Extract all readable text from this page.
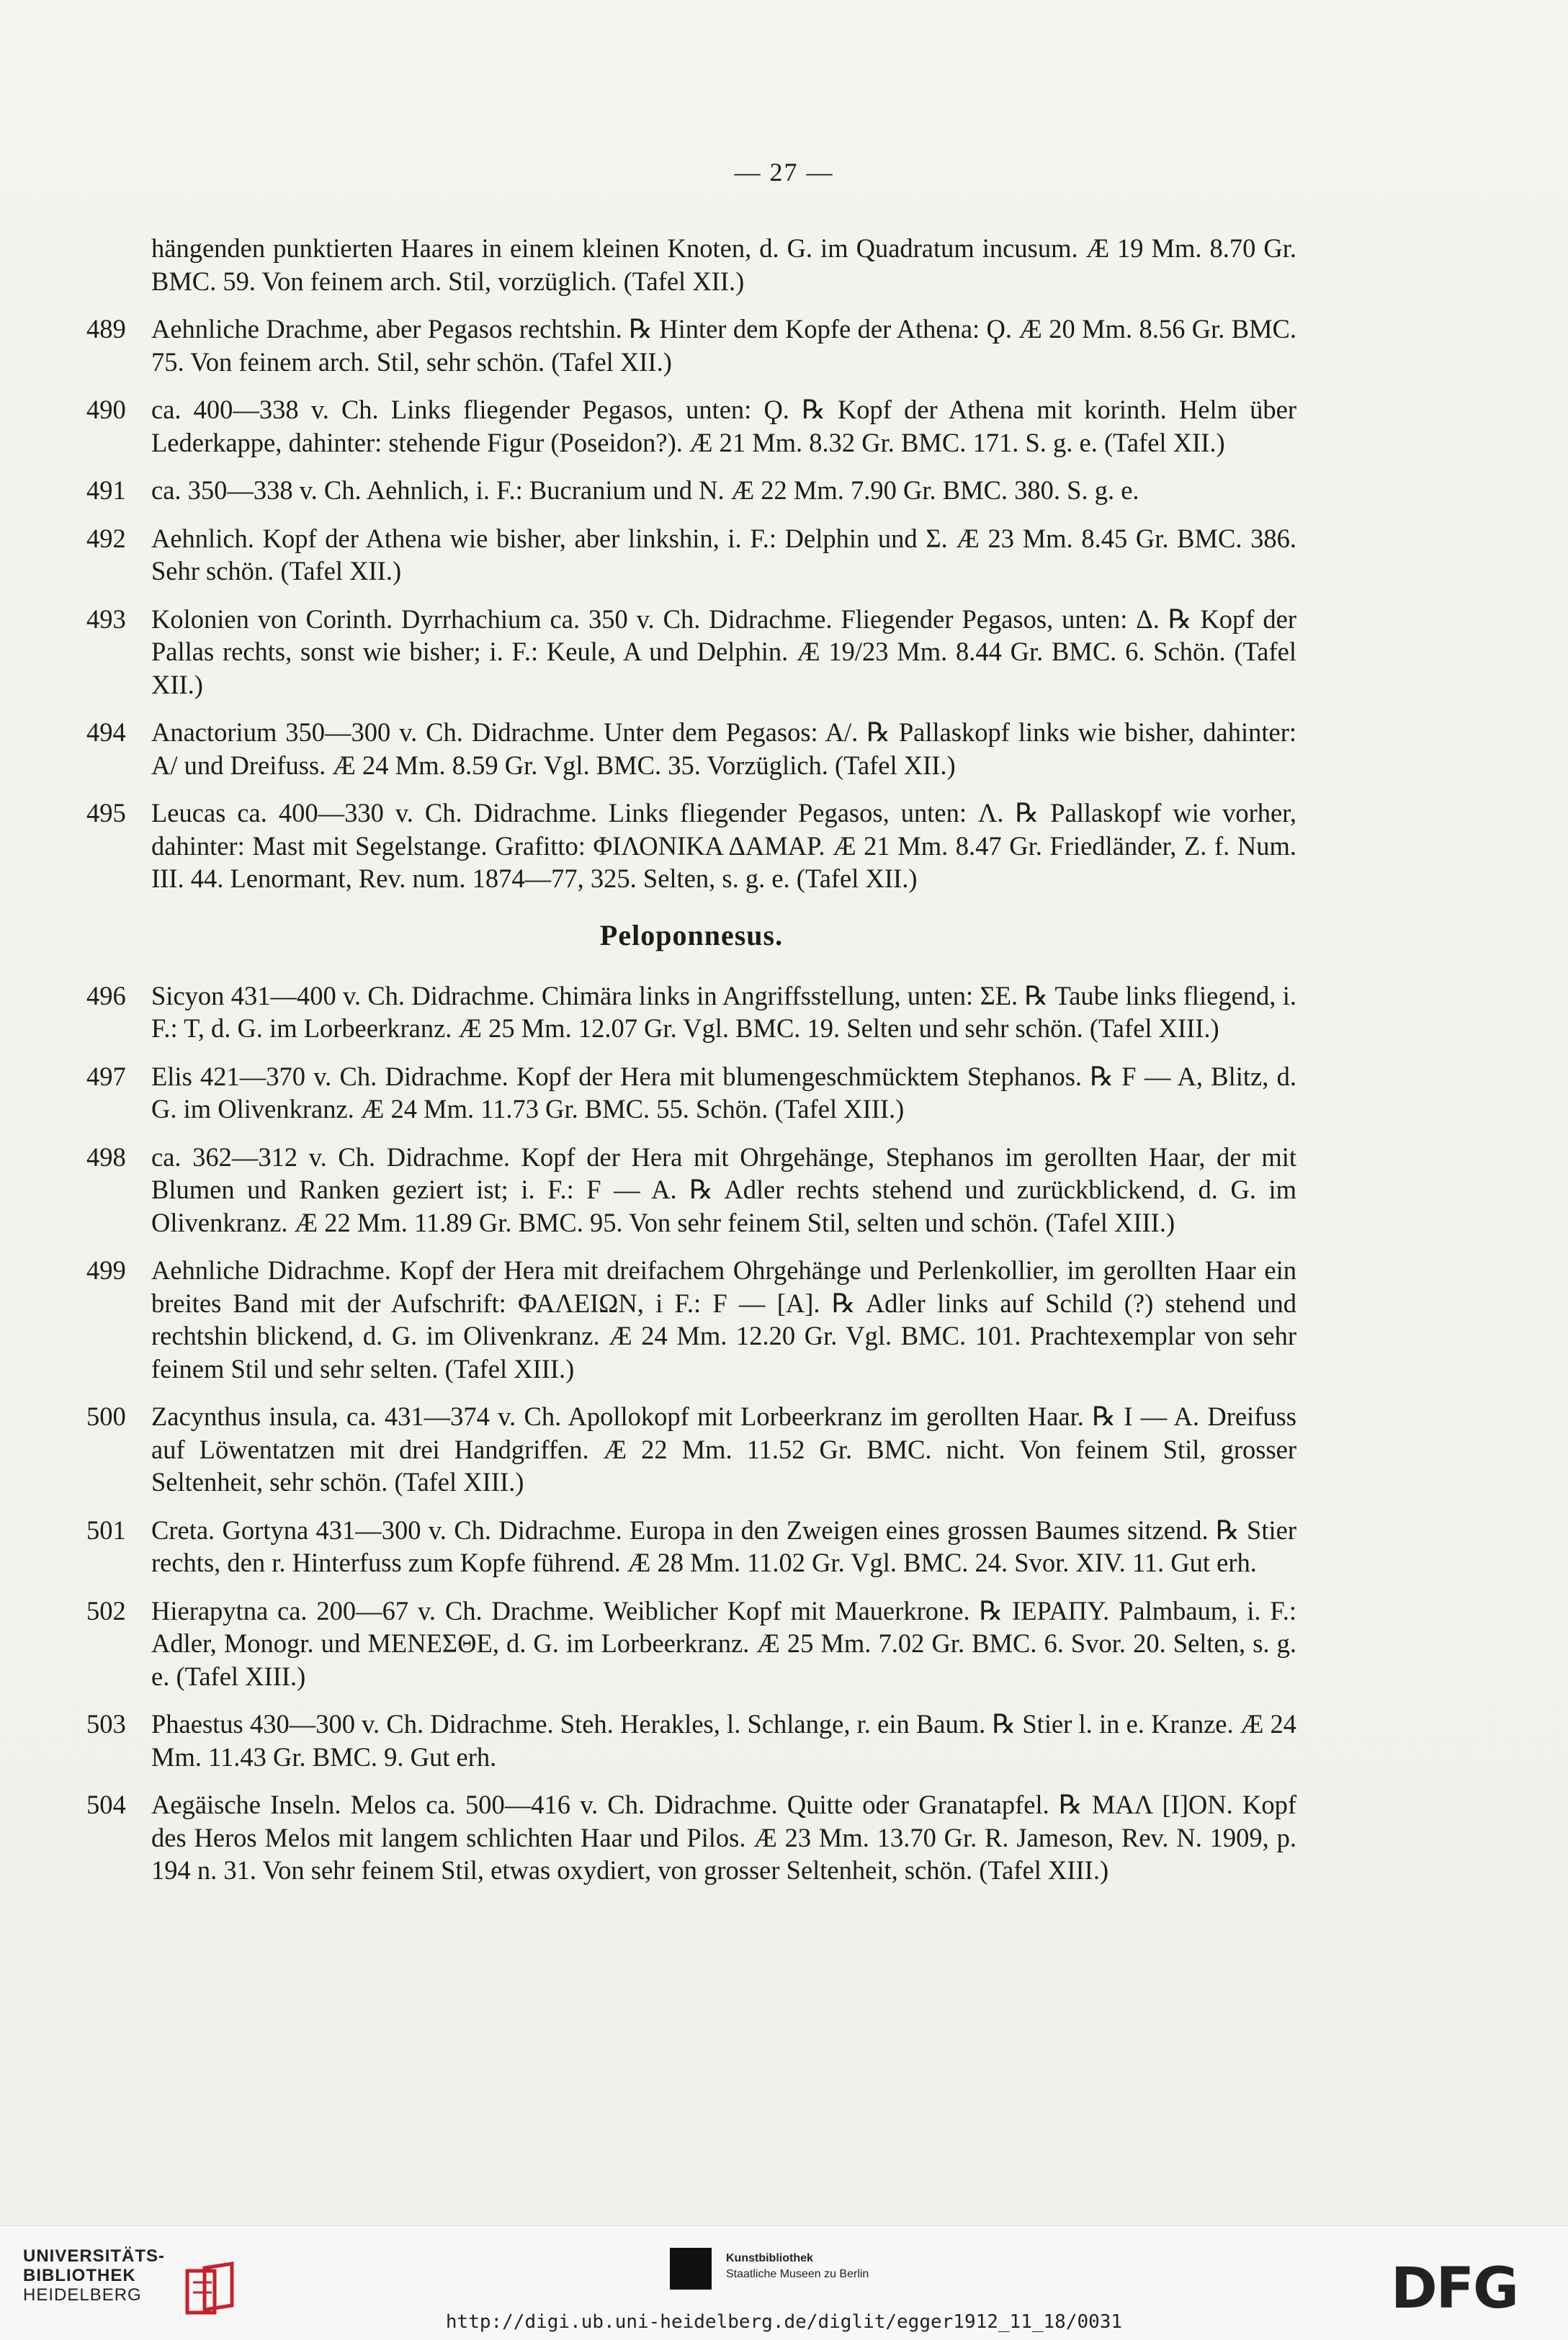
— 27 —
hängenden punktierten Haares in einem kleinen Knoten, d. G. im Quadratum incusum. Æ 19 Mm. 8.70 Gr. BMC. 59. Von feinem arch. Stil, vorzüglich. (Tafel XII.)
489 Aehnliche Drachme, aber Pegasos rechtshin. ℞ Hinter dem Kopfe der Athena: Ϙ. Æ 20 Mm. 8.56 Gr. BMC. 75. Von feinem arch. Stil, sehr schön. (Tafel XII.)
490 ca. 400—338 v. Ch. Links fliegender Pegasos, unten: Ϙ. ℞ Kopf der Athena mit korinth. Helm über Lederkappe, dahinter: stehende Figur (Poseidon?). Æ 21 Mm. 8.32 Gr. BMC. 171. S. g. e. (Tafel XII.)
491 ca. 350—338 v. Ch. Aehnlich, i. F.: Bucranium und N. Æ 22 Mm. 7.90 Gr. BMC. 380. S. g. e.
492 Aehnlich. Kopf der Athena wie bisher, aber linkshin, i. F.: Delphin und Σ. Æ 23 Mm. 8.45 Gr. BMC. 386. Sehr schön. (Tafel XII.)
493 Kolonien von Corinth. Dyrrhachium ca. 350 v. Ch. Didrachme. Fliegender Pegasos, unten: Δ. ℞ Kopf der Pallas rechts, sonst wie bisher; i. F.: Keule, A und Delphin. Æ 19/23 Mm. 8.44 Gr. BMC. 6. Schön. (Tafel XII.)
494 Anactorium 350—300 v. Ch. Didrachme. Unter dem Pegasos: A/. ℞ Pallaskopf links wie bisher, dahinter: A/ und Dreifuss. Æ 24 Mm. 8.59 Gr. Vgl. BMC. 35. Vorzüglich. (Tafel XII.)
495 Leucas ca. 400—330 v. Ch. Didrachme. Links fliegender Pegasos, unten: Λ. ℞ Pallaskopf wie vorher, dahinter: Mast mit Segelstange. Grafitto: ΦΙΛΟΝΙΚΑ ΔΑΜΑΡ. Æ 21 Mm. 8.47 Gr. Friedländer, Z. f. Num. III. 44. Lenormant, Rev. num. 1874—77, 325. Selten, s. g. e. (Tafel XII.)
Peloponnesus.
496 Sicyon 431—400 v. Ch. Didrachme. Chimära links in Angriffsstellung, unten: ΣΕ. ℞ Taube links fliegend, i. F.: T, d. G. im Lorbeerkranz. Æ 25 Mm. 12.07 Gr. Vgl. BMC. 19. Selten und sehr schön. (Tafel XIII.)
497 Elis 421—370 v. Ch. Didrachme. Kopf der Hera mit blumengeschmücktem Stephanos. ℞ F — A, Blitz, d. G. im Olivenkranz. Æ 24 Mm. 11.73 Gr. BMC. 55. Schön. (Tafel XIII.)
498 ca. 362—312 v. Ch. Didrachme. Kopf der Hera mit Ohrgehänge, Stephanos im gerollten Haar, der mit Blumen und Ranken geziert ist; i. F.: F — A. ℞ Adler rechts stehend und zurückblickend, d. G. im Olivenkranz. Æ 22 Mm. 11.89 Gr. BMC. 95. Von sehr feinem Stil, selten und schön. (Tafel XIII.)
499 Aehnliche Didrachme. Kopf der Hera mit dreifachem Ohrgehänge und Perlenkollier, im gerollten Haar ein breites Band mit der Aufschrift: ΦΑΛΕΙΩΝ, i F.: F — [A]. ℞ Adler links auf Schild (?) stehend und rechtshin blickend, d. G. im Olivenkranz. Æ 24 Mm. 12.20 Gr. Vgl. BMC. 101. Prachtexemplar von sehr feinem Stil und sehr selten. (Tafel XIII.)
500 Zacynthus insula, ca. 431—374 v. Ch. Apollokopf mit Lorbeerkranz im gerollten Haar. ℞ I — A. Dreifuss auf Löwentatzen mit drei Handgriffen. Æ 22 Mm. 11.52 Gr. BMC. nicht. Von feinem Stil, grosser Seltenheit, sehr schön. (Tafel XIII.)
501 Creta. Gortyna 431—300 v. Ch. Didrachme. Europa in den Zweigen eines grossen Baumes sitzend. ℞ Stier rechts, den r. Hinterfuss zum Kopfe führend. Æ 28 Mm. 11.02 Gr. Vgl. BMC. 24. Svor. XIV. 11. Gut erh.
502 Hierapytna ca. 200—67 v. Ch. Drachme. Weiblicher Kopf mit Mauerkrone. ℞ ΙΕΡΑΠΥ. Palmbaum, i. F.: Adler, Monogr. und ΜΕΝΕΣΘΕ, d. G. im Lorbeerkranz. Æ 25 Mm. 7.02 Gr. BMC. 6. Svor. 20. Selten, s. g. e. (Tafel XIII.)
503 Phaestus 430—300 v. Ch. Didrachme. Steh. Herakles, l. Schlange, r. ein Baum. ℞ Stier l. in e. Kranze. Æ 24 Mm. 11.43 Gr. BMC. 9. Gut erh.
504 Aegäische Inseln. Melos ca. 500—416 v. Ch. Didrachme. Quitte oder Granatapfel. ℞ ΜΑΛ [Ι]ΟΝ. Kopf des Heros Melos mit langem schlichten Haar und Pilos. Æ 23 Mm. 13.70 Gr. R. Jameson, Rev. N. 1909, p. 194 n. 31. Von sehr feinem Stil, etwas oxydiert, von grosser Seltenheit, schön. (Tafel XIII.)
UNIVERSITÄTS-
BIBLIOTHEK
HEIDELBERG
Kunstbibliothek
Staatliche Museen zu Berlin	DFG
http://digi.ub.uni-heidelberg.de/diglit/egger1912_11_18/0031
